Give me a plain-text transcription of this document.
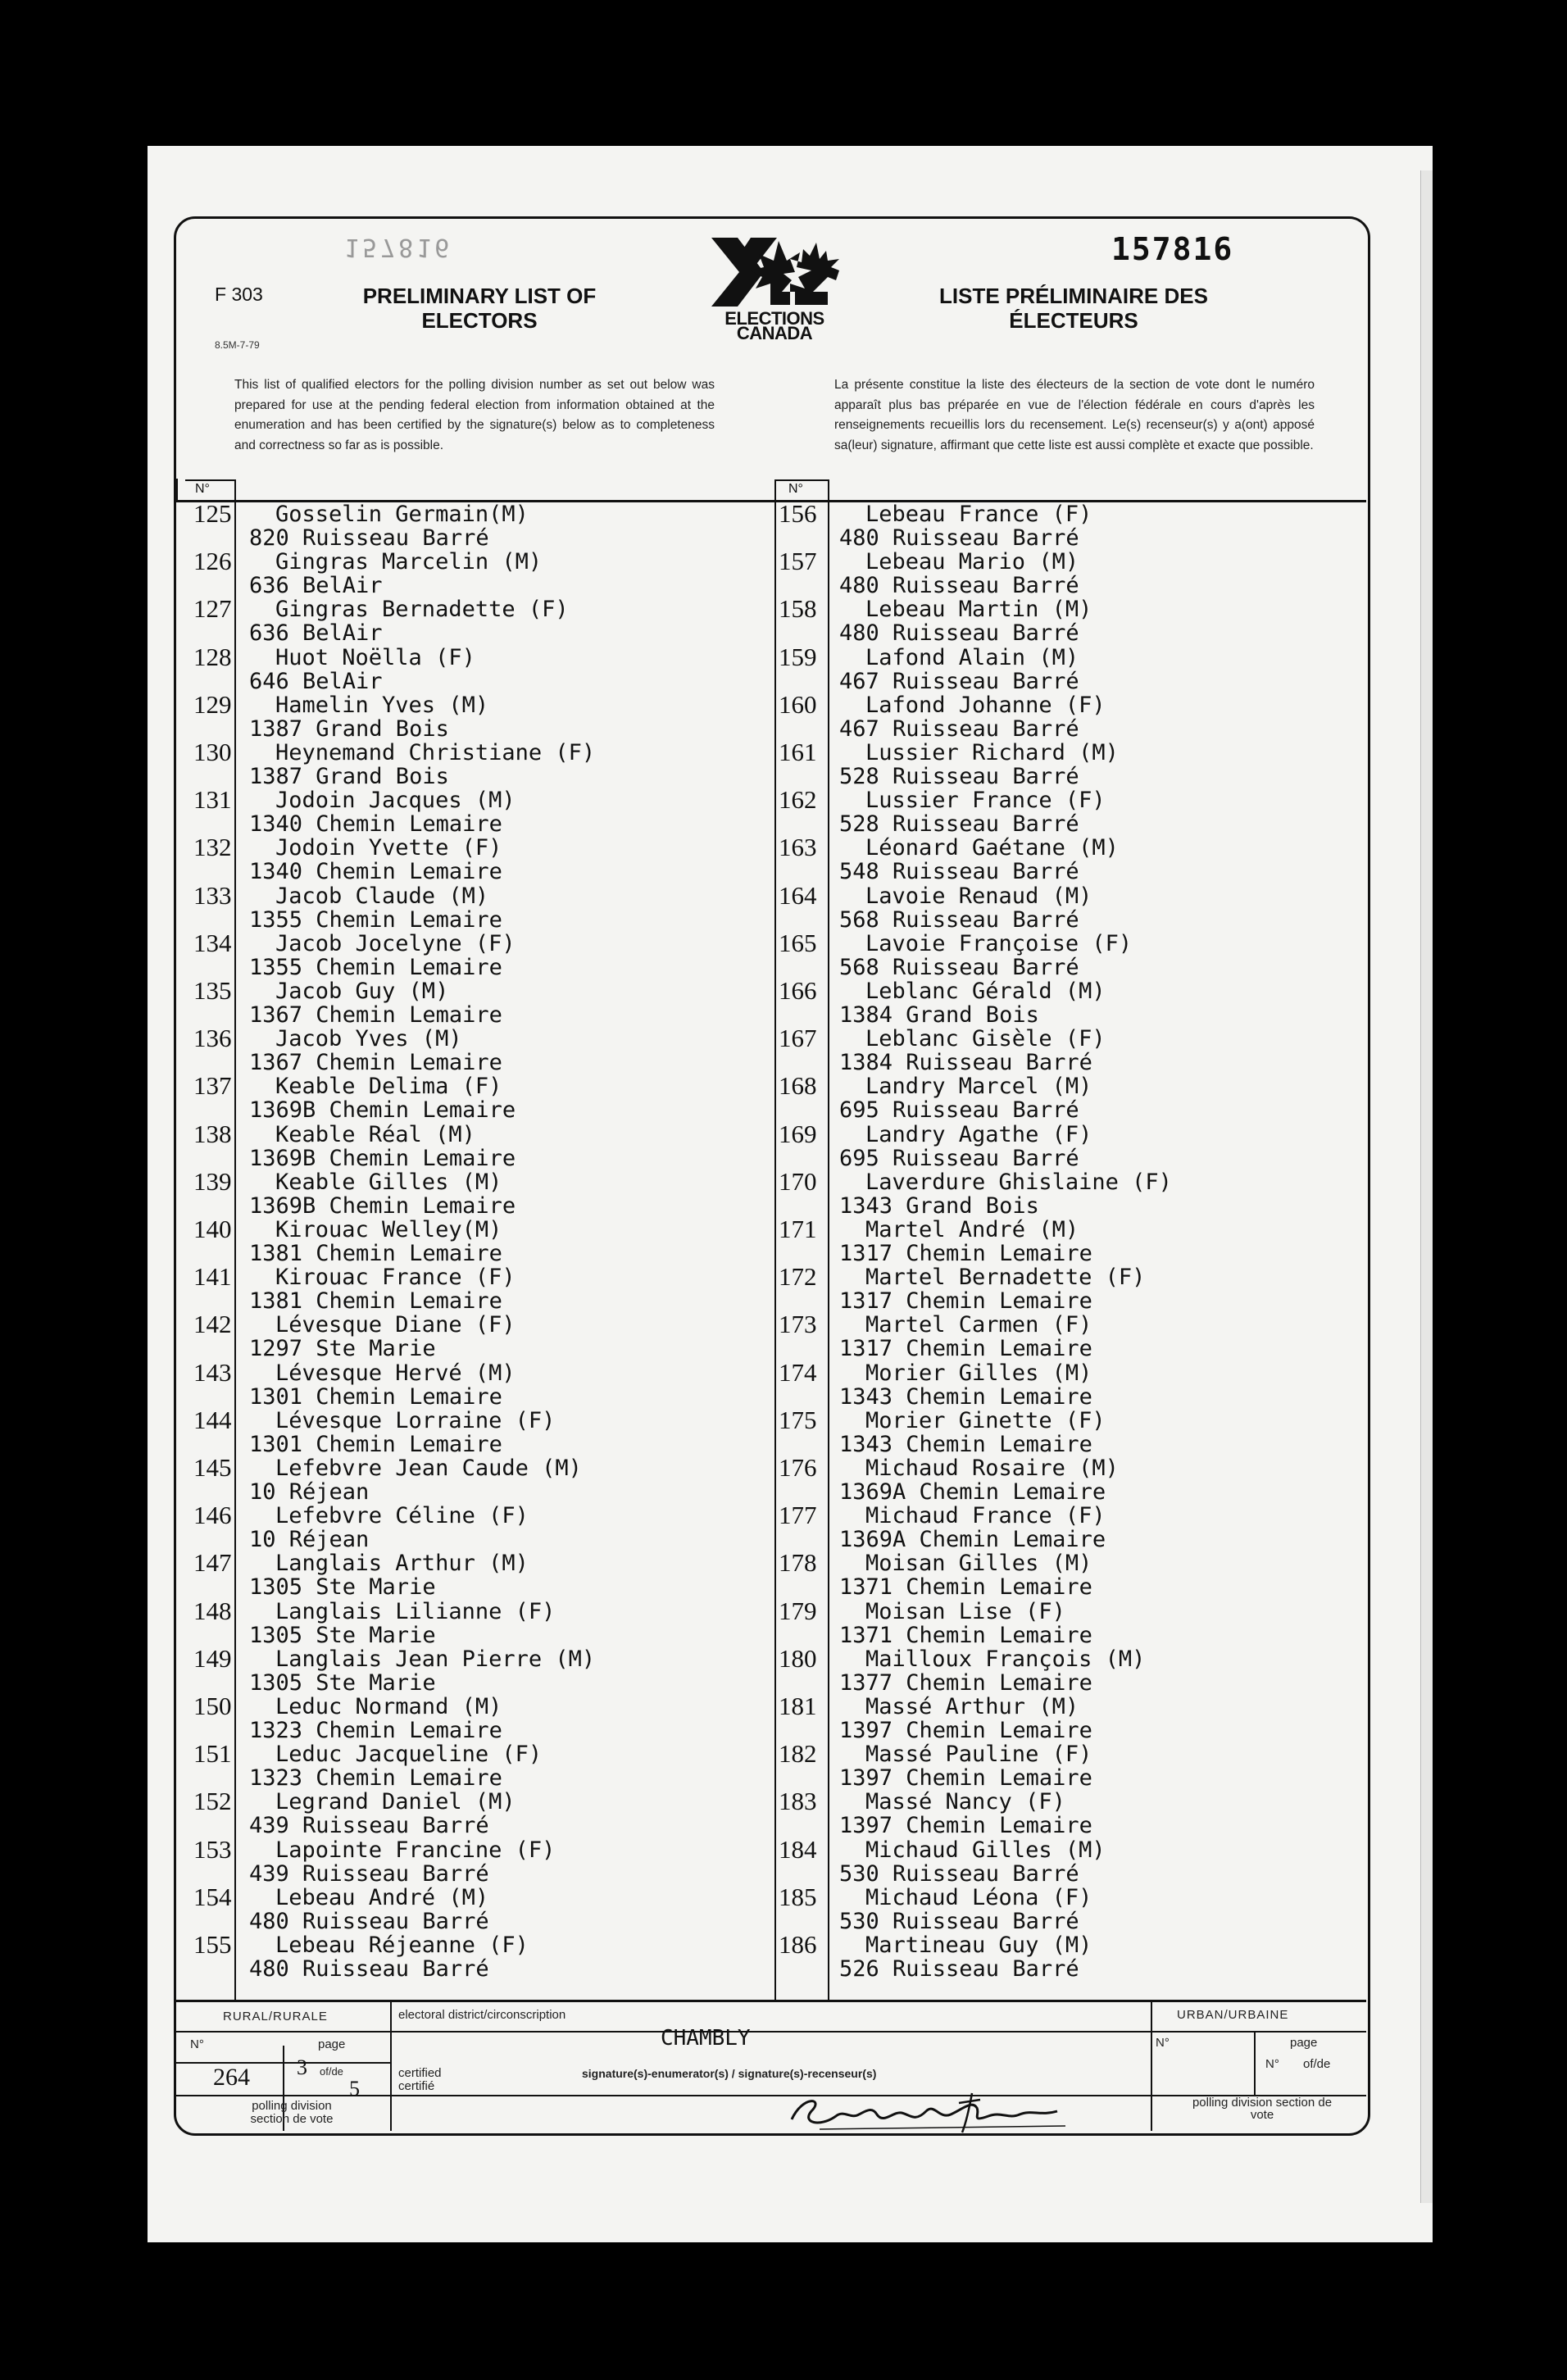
157816
F 303
8.5M-7-79
PRELIMINARY LIST OF
ELECTORS
LISTE PRÉLIMINAIRE DES
ÉLECTEURS
157816
ELECTIONS
CANADA
This list of qualified electors for the polling division number as set out below was prepared for use at the pending federal election from information obtained at the enumeration and has been certified by the signature(s) below as to completeness and correctness so far as is possible.
La présente constitue la liste des électeurs de la section de vote dont le numéro apparaît plus bas préparée en vue de l'élection fédérale en cours d'après les renseignements recueillis lors du recensement. Le(s) recenseur(s) y a(ont) apposé sa(leur) signature, affirmant que cette liste est aussi complète et exacte que possible.
N°	N°
125 Gosselin Germain(M)
820 Ruisseau Barré
126 Gingras Marcelin (M)
636 BelAir
127 Gingras Bernadette (F)
636 BelAir
128 Huot Noëlla (F)
646 BelAir
129 Hamelin Yves (M)
1387 Grand Bois
130 Heynemand Christiane (F)
1387 Grand Bois
131 Jodoin Jacques (M)
1340 Chemin Lemaire
132 Jodoin Yvette (F)
1340 Chemin Lemaire
133 Jacob Claude (M)
1355 Chemin Lemaire
134 Jacob Jocelyne (F)
1355 Chemin Lemaire
135 Jacob Guy (M)
1367 Chemin Lemaire
136 Jacob Yves (M)
1367 Chemin Lemaire
137 Keable Delima (F)
1369B Chemin Lemaire
138 Keable Réal (M)
1369B Chemin Lemaire
139 Keable Gilles (M)
1369B Chemin Lemaire
140 Kirouac Welley(M)
1381 Chemin Lemaire
141 Kirouac France (F)
1381 Chemin Lemaire
142 Lévesque Diane (F)
1297 Ste Marie
143 Lévesque Hervé (M)
1301 Chemin Lemaire
144 Lévesque Lorraine (F)
1301 Chemin Lemaire
145 Lefebvre Jean Caude (M)
10 Réjean
146 Lefebvre Céline (F)
10 Réjean
147 Langlais Arthur (M)
1305 Ste Marie
148 Langlais Lilianne (F)
1305 Ste Marie
149 Langlais Jean Pierre (M)
1305 Ste Marie
150 Leduc Normand (M)
1323 Chemin Lemaire
151 Leduc Jacqueline (F)
1323 Chemin Lemaire
152 Legrand Daniel (M)
439 Ruisseau Barré
153 Lapointe Francine (F)
439 Ruisseau Barré
154 Lebeau André (M)
480 Ruisseau Barré
155 Lebeau Réjeanne (F)
480 Ruisseau Barré
156 Lebeau France (F)
480 Ruisseau Barré
157 Lebeau Mario (M)
480 Ruisseau Barré
158 Lebeau Martin (M)
480 Ruisseau Barré
159 Lafond Alain (M)
467 Ruisseau Barré
160 Lafond Johanne (F)
467 Ruisseau Barré
161 Lussier Richard (M)
528 Ruisseau Barré
162 Lussier France (F)
528 Ruisseau Barré
163 Léonard Gaétane (M)
548 Ruisseau Barré
164 Lavoie Renaud (M)
568 Ruisseau Barré
165 Lavoie Françoise (F)
568 Ruisseau Barré
166 Leblanc Gérald (M)
1384 Grand Bois
167 Leblanc Gisèle (F)
1384 Ruisseau Barré
168 Landry Marcel (M)
695 Ruisseau Barré
169 Landry Agathe (F)
695 Ruisseau Barré
170 Laverdure Ghislaine (F)
1343 Grand Bois
171 Martel André (M)
1317 Chemin Lemaire
172 Martel Bernadette (F)
1317 Chemin Lemaire
173 Martel Carmen (F)
1317 Chemin Lemaire
174 Morier Gilles (M)
1343 Chemin Lemaire
175 Morier Ginette (F)
1343 Chemin Lemaire
176 Michaud Rosaire (M)
1369A Chemin Lemaire
177 Michaud France (F)
1369A Chemin Lemaire
178 Moisan Gilles (M)
1371 Chemin Lemaire
179 Moisan Lise (F)
1371 Chemin Lemaire
180 Mailloux François (M)
1377 Chemin Lemaire
181 Massé Arthur (M)
1397 Chemin Lemaire
182 Massé Pauline (F)
1397 Chemin Lemaire
183 Massé Nancy (F)
1397 Chemin Lemaire
184 Michaud Gilles (M)
530 Ruisseau Barré
185 Michaud Léona (F)
530 Ruisseau Barré
186 Martineau Guy (M)
526 Ruisseau Barré
RURAL/RURALE
N°	page
of/de
264 3
5
polling division section de vote
electoral district/circonscription
CHAMBLY
certified certifié
signature(s)-enumerator(s) / signature(s)-recenseur(s)
URBAN/URBAINE
N°	page
N° of/de
polling division section de vote
